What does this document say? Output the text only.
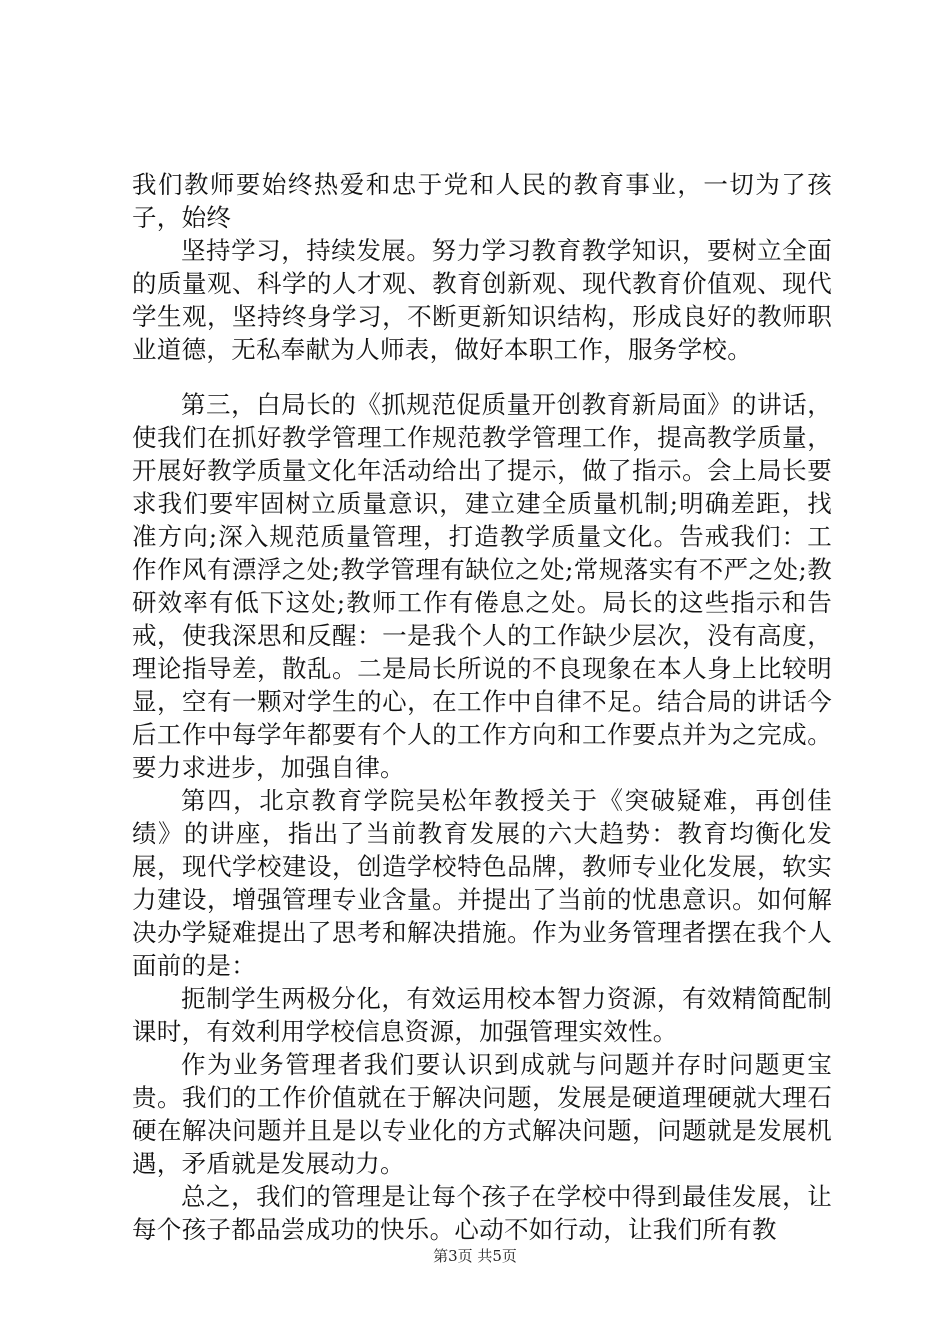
我们教师要始终热爱和忠于党和人民的教育事业，一切为了孩子，始终

坚持学习，持续发展。努力学习教育教学知识，要树立全面的质量观、科学的人才观、教育创新观、现代教育价值观、现代学生观，坚持终身学习，不断更新知识结构，形成良好的教师职业道德，无私奉献为人师表，做好本职工作，服务学校。

第三，白局长的《抓规范促质量开创教育新局面》的讲话，使我们在抓好教学管理工作规范教学管理工作，提高教学质量，开展好教学质量文化年活动给出了提示，做了指示。会上局长要求我们要牢固树立质量意识，建立建全质量机制;明确差距，找准方向;深入规范质量管理，打造教学质量文化。告戒我们：工作作风有漂浮之处;教学管理有缺位之处;常规落实有不严之处;教研效率有低下这处;教师工作有倦息之处。局长的这些指示和告戒，使我深思和反醒：一是我个人的工作缺少层次，没有高度，理论指导差，散乱。二是局长所说的不良现象在本人身上比较明显，空有一颗对学生的心，在工作中自律不足。结合局的讲话今后工作中每学年都要有个人的工作方向和工作要点并为之完成。要力求进步，加强自律。

第四，北京教育学院吴松年教授关于《突破疑难，再创佳绩》的讲座，指出了当前教育发展的六大趋势：教育均衡化发展，现代学校建设，创造学校特色品牌，教师专业化发展，软实力建设，增强管理专业含量。并提出了当前的忧患意识。如何解决办学疑难提出了思考和解决措施。作为业务管理者摆在我个人面前的是：

扼制学生两极分化，有效运用校本智力资源，有效精简配制课时，有效利用学校信息资源，加强管理实效性。

作为业务管理者我们要认识到成就与问题并存时问题更宝贵。我们的工作价值就在于解决问题，发展是硬道理硬就大理石硬在解决问题并且是以专业化的方式解决问题，问题就是发展机遇，矛盾就是发展动力。

总之，我们的管理是让每个孩子在学校中得到最佳发展，让每个孩子都品尝成功的快乐。心动不如行动，让我们所有教

第3页 共5页
